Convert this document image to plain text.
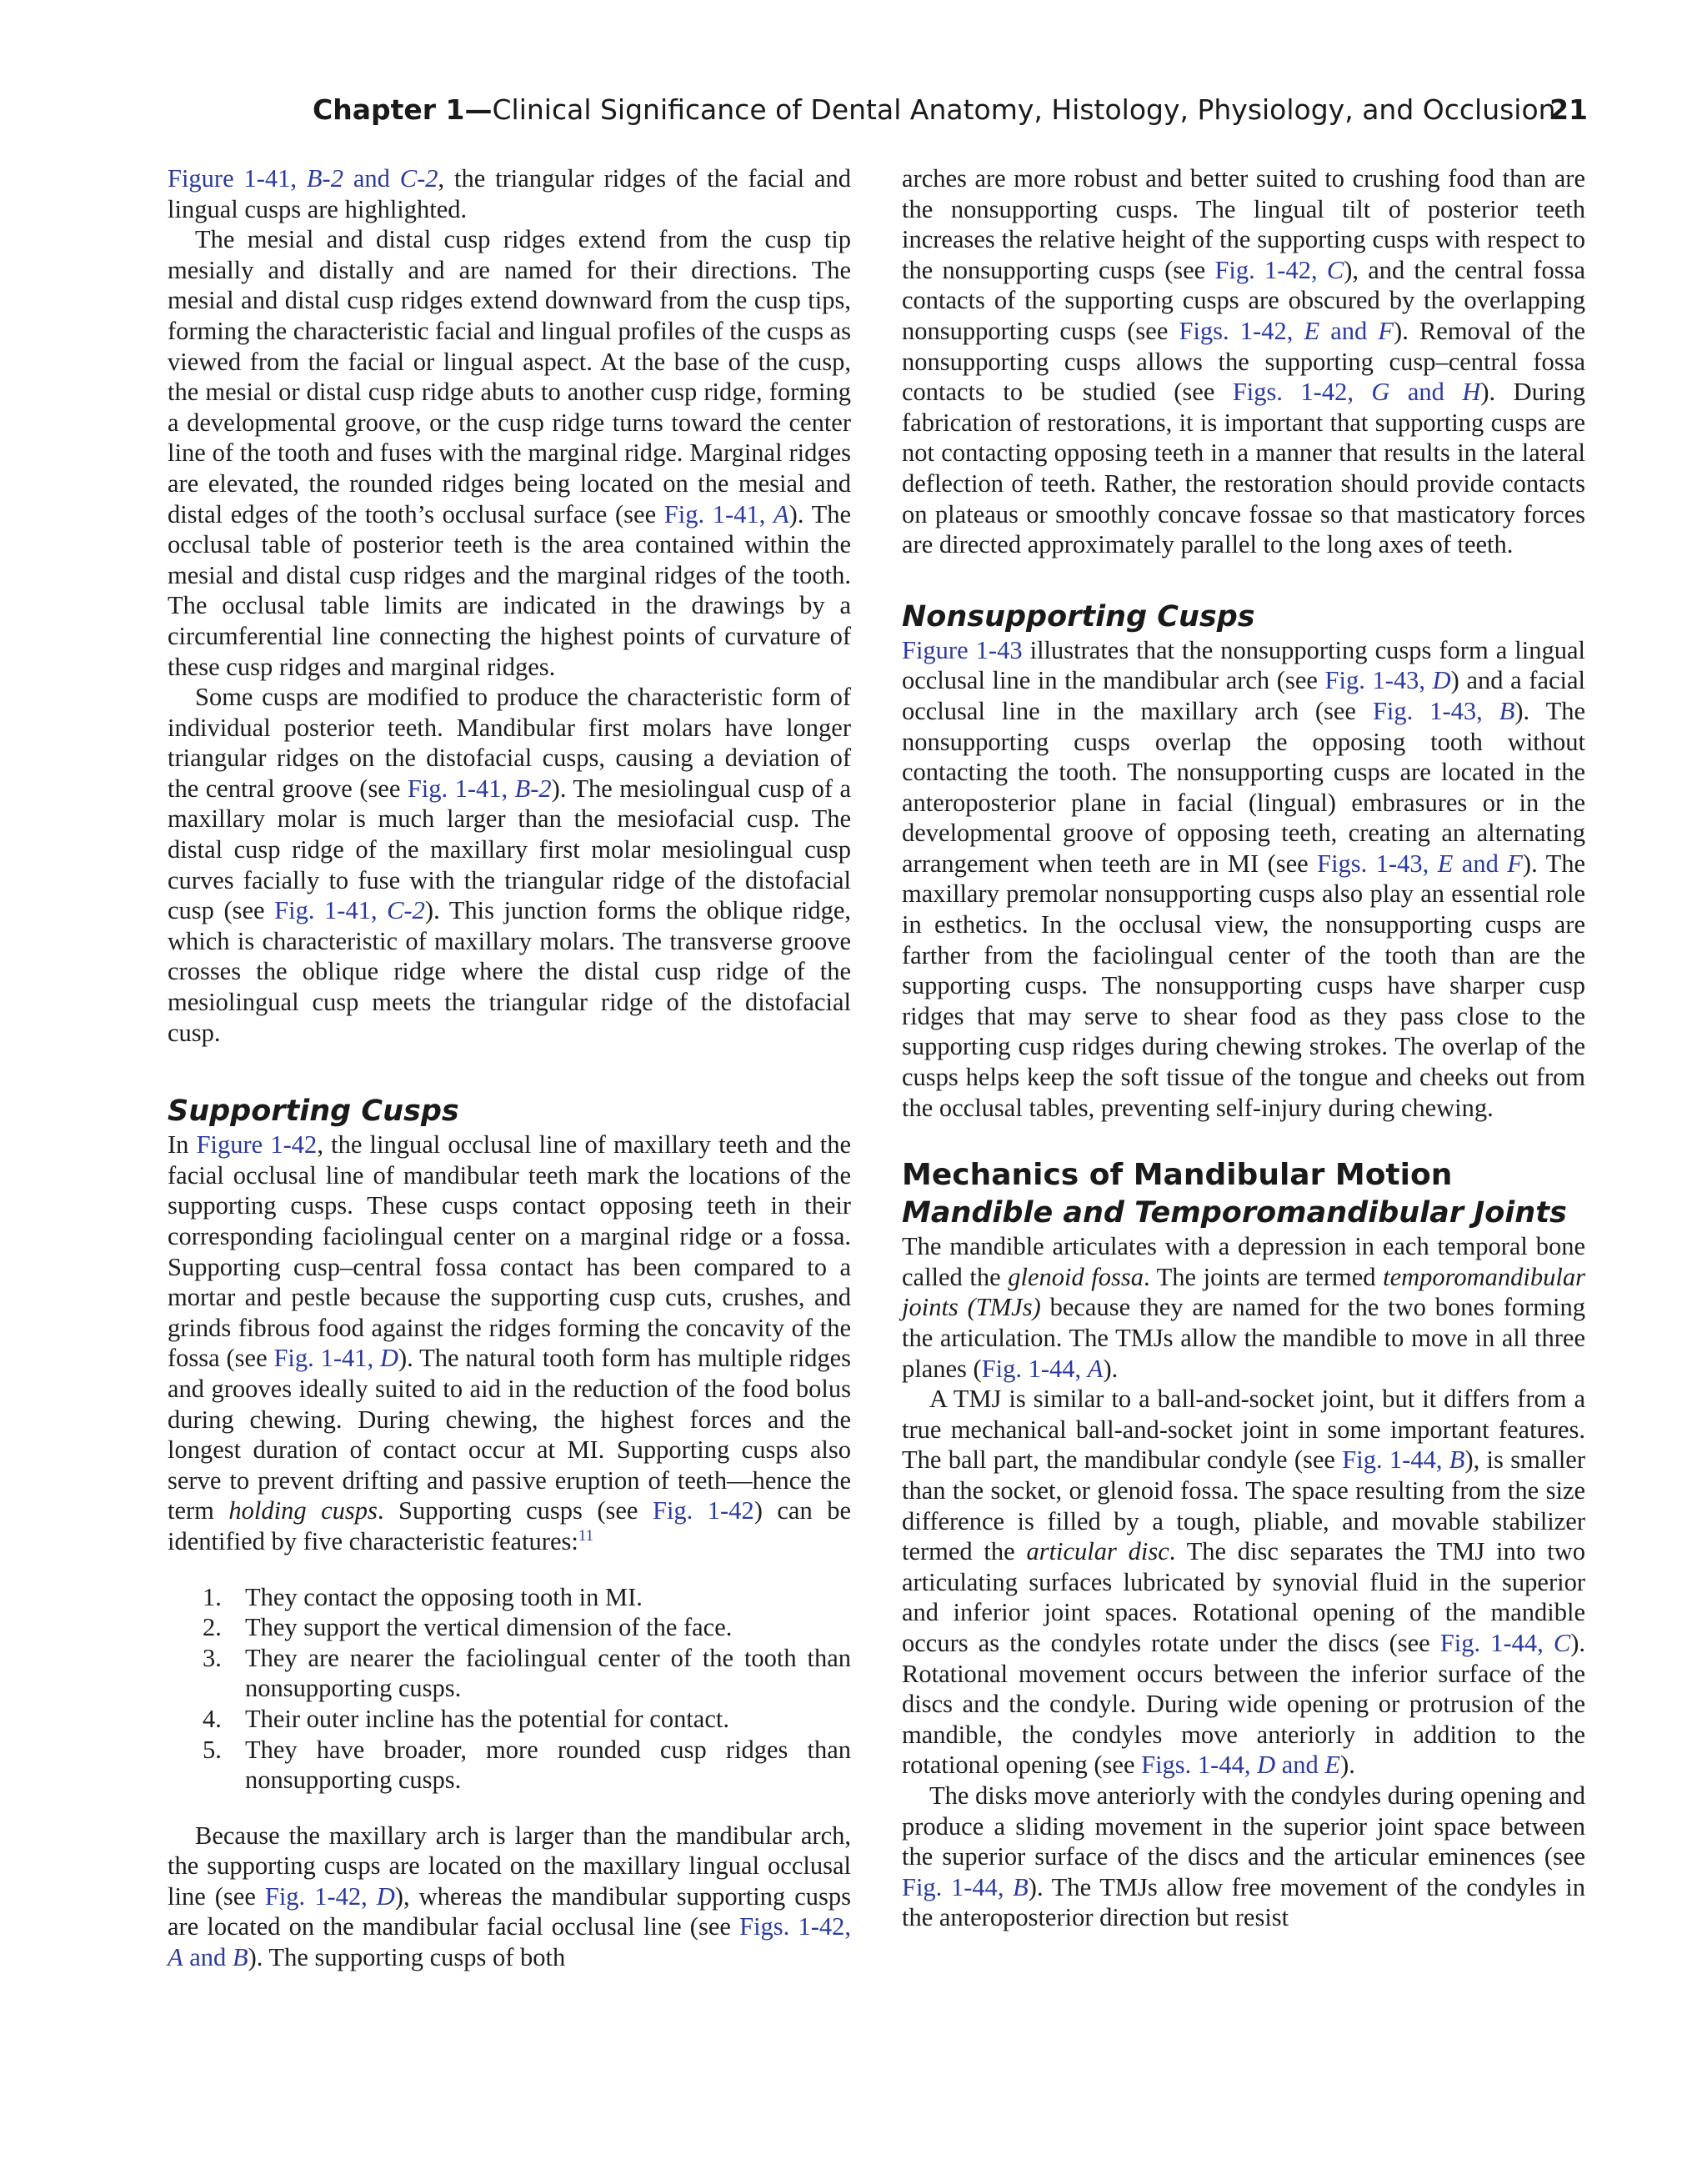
Chapter 1—Clinical Significance of Dental Anatomy, Histology, Physiology, and Occlusion
21

Figure 1-41, B-2 and C-2, the triangular ridges of the facial and lingual cusps are highlighted.

The mesial and distal cusp ridges extend from the cusp tip mesially and distally and are named for their directions. The mesial and distal cusp ridges extend downward from the cusp tips, forming the characteristic facial and lingual profiles of the cusps as viewed from the facial or lingual aspect. At the base of the cusp, the mesial or distal cusp ridge abuts to another cusp ridge, forming a developmental groove, or the cusp ridge turns toward the center line of the tooth and fuses with the marginal ridge. Marginal ridges are elevated, the rounded ridges being located on the mesial and distal edges of the tooth’s occlusal surface (see Fig. 1-41, A). The occlusal table of posterior teeth is the area contained within the mesial and distal cusp ridges and the marginal ridges of the tooth. The occlusal table limits are indicated in the drawings by a circumferential line connecting the highest points of curvature of these cusp ridges and marginal ridges.

Some cusps are modified to produce the characteristic form of individual posterior teeth. Mandibular first molars have longer triangular ridges on the distofacial cusps, causing a deviation of the central groove (see Fig. 1-41, B-2). The mesiolingual cusp of a maxillary molar is much larger than the mesiofacial cusp. The distal cusp ridge of the maxillary first molar mesiolingual cusp curves facially to fuse with the triangular ridge of the distofacial cusp (see Fig. 1-41, C-2). This junction forms the oblique ridge, which is characteristic of maxillary molars. The transverse groove crosses the oblique ridge where the distal cusp ridge of the mesiolingual cusp meets the triangular ridge of the distofacial cusp.

Supporting Cusps

In Figure 1-42, the lingual occlusal line of maxillary teeth and the facial occlusal line of mandibular teeth mark the locations of the supporting cusps. These cusps contact opposing teeth in their corresponding faciolingual center on a marginal ridge or a fossa. Supporting cusp–central fossa contact has been compared to a mortar and pestle because the supporting cusp cuts, crushes, and grinds fibrous food against the ridges forming the concavity of the fossa (see Fig. 1-41, D). The natural tooth form has multiple ridges and grooves ideally suited to aid in the reduction of the food bolus during chewing. During chewing, the highest forces and the longest duration of contact occur at MI. Supporting cusps also serve to prevent drifting and passive eruption of teeth—hence the term holding cusps. Supporting cusps (see Fig. 1-42) can be identified by five characteristic features:$^{11}$

1. They contact the opposing tooth in MI.
2. They support the vertical dimension of the face.
3. They are nearer the faciolingual center of the tooth than nonsupporting cusps.
4. Their outer incline has the potential for contact.
5. They have broader, more rounded cusp ridges than nonsupporting cusps.

Because the maxillary arch is larger than the mandibular arch, the supporting cusps are located on the maxillary lingual occlusal line (see Fig. 1-42, D), whereas the mandibular supporting cusps are located on the mandibular facial occlusal line (see Figs. 1-42, A and B). The supporting cusps of both

arches are more robust and better suited to crushing food than are the nonsupporting cusps. The lingual tilt of posterior teeth increases the relative height of the supporting cusps with respect to the nonsupporting cusps (see Fig. 1-42, C), and the central fossa contacts of the supporting cusps are obscured by the overlapping nonsupporting cusps (see Figs. 1-42, E and F). Removal of the nonsupporting cusps allows the supporting cusp–central fossa contacts to be studied (see Figs. 1-42, G and H). During fabrication of restorations, it is important that supporting cusps are not contacting opposing teeth in a manner that results in the lateral deflection of teeth. Rather, the restoration should provide contacts on plateaus or smoothly concave fossae so that masticatory forces are directed approximately parallel to the long axes of teeth.

Nonsupporting Cusps

Figure 1-43 illustrates that the nonsupporting cusps form a lingual occlusal line in the mandibular arch (see Fig. 1-43, D) and a facial occlusal line in the maxillary arch (see Fig. 1-43, B). The nonsupporting cusps overlap the opposing tooth without contacting the tooth. The nonsupporting cusps are located in the anteroposterior plane in facial (lingual) embrasures or in the developmental groove of opposing teeth, creating an alternating arrangement when teeth are in MI (see Figs. 1-43, E and F). The maxillary premolar nonsupporting cusps also play an essential role in esthetics. In the occlusal view, the nonsupporting cusps are farther from the faciolingual center of the tooth than are the supporting cusps. The nonsupporting cusps have sharper cusp ridges that may serve to shear food as they pass close to the supporting cusp ridges during chewing strokes. The overlap of the cusps helps keep the soft tissue of the tongue and cheeks out from the occlusal tables, preventing self-injury during chewing.

Mechanics of Mandibular Motion
Mandible and Temporomandibular Joints

The mandible articulates with a depression in each temporal bone called the glenoid fossa. The joints are termed temporomandibular joints (TMJs) because they are named for the two bones forming the articulation. The TMJs allow the mandible to move in all three planes (Fig. 1-44, A).

A TMJ is similar to a ball-and-socket joint, but it differs from a true mechanical ball-and-socket joint in some important features. The ball part, the mandibular condyle (see Fig. 1-44, B), is smaller than the socket, or glenoid fossa. The space resulting from the size difference is filled by a tough, pliable, and movable stabilizer termed the articular disc. The disc separates the TMJ into two articulating surfaces lubricated by synovial fluid in the superior and inferior joint spaces. Rotational opening of the mandible occurs as the condyles rotate under the discs (see Fig. 1-44, C). Rotational movement occurs between the inferior surface of the discs and the condyle. During wide opening or protrusion of the mandible, the condyles move anteriorly in addition to the rotational opening (see Figs. 1-44, D and E).

The disks move anteriorly with the condyles during opening and produce a sliding movement in the superior joint space between the superior surface of the discs and the articular eminences (see Fig. 1-44, B). The TMJs allow free movement of the condyles in the anteroposterior direction but resist
